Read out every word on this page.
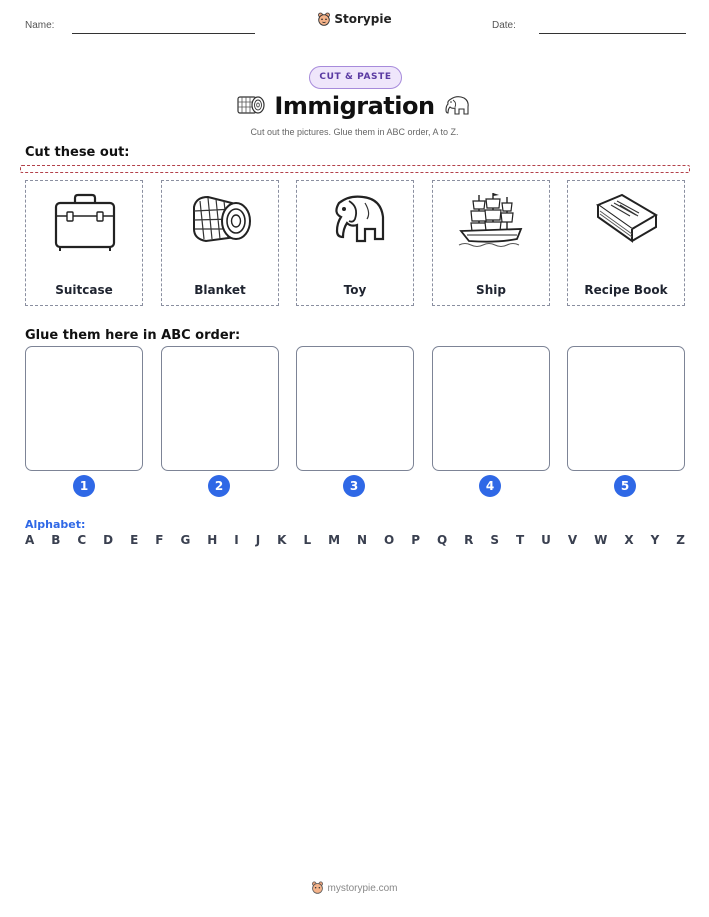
Name:	Storypie	Date:
CUT & PASTE
Immigration
Cut out the pictures. Glue them in ABC order, A to Z.
Cut these out:
Suitcase	Blanket	Toy	Ship	Recipe Book
Glue them here in ABC order:
1	2	3	4	5
Alphabet:
A B C D E F G H I J K L M N O P Q R S T U V W X Y Z
mystorypie.com
